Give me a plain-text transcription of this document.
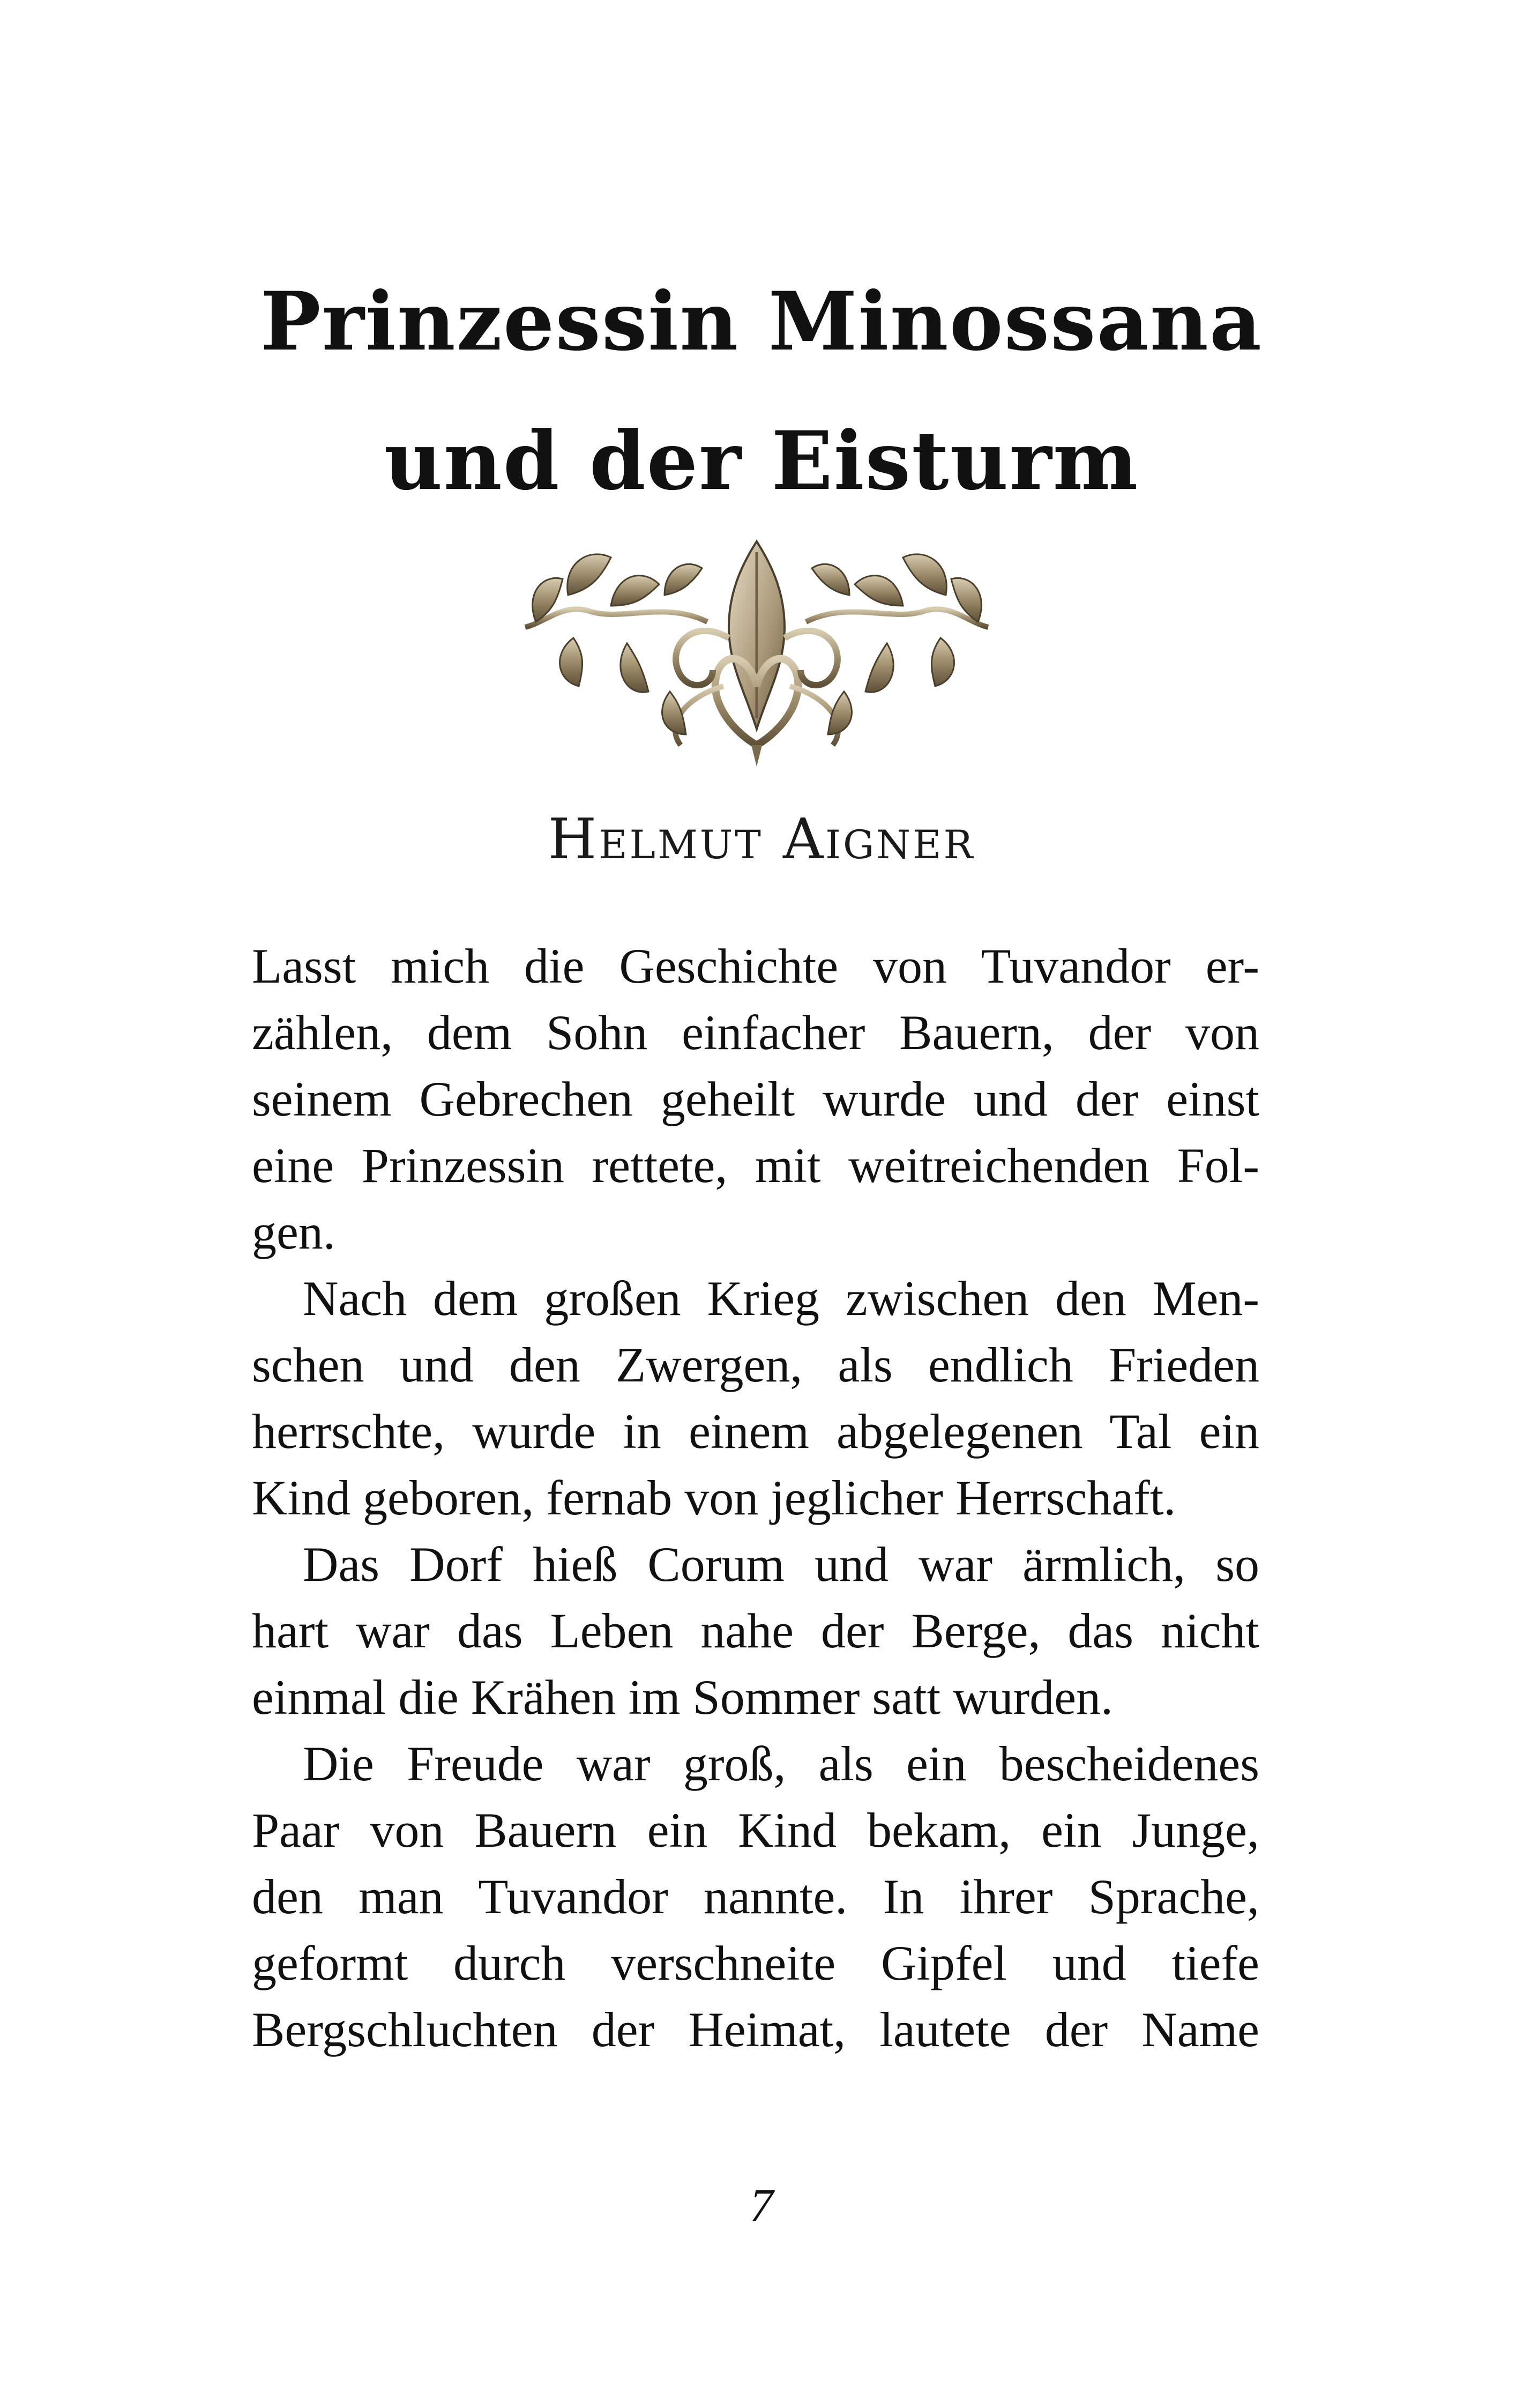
Prinzessin Minossana
und der Eisturm
Helmut Aigner
Lasst mich die Geschichte von Tuvandor er-
zählen, dem Sohn einfacher Bauern, der von
seinem Gebrechen geheilt wurde und der einst
eine Prinzessin rettete, mit weitreichenden Fol-
gen.
Nach dem großen Krieg zwischen den Men-
schen und den Zwergen, als endlich Frieden
herrschte, wurde in einem abgelegenen Tal ein
Kind geboren, fernab von jeglicher Herrschaft.
Das Dorf hieß Corum und war ärmlich, so
hart war das Leben nahe der Berge, das nicht
einmal die Krähen im Sommer satt wurden.
Die Freude war groß, als ein bescheidenes
Paar von Bauern ein Kind bekam, ein Junge,
den man Tuvandor nannte. In ihrer Sprache,
geformt durch verschneite Gipfel und tiefe
Bergschluchten der Heimat, lautete der Name
7
